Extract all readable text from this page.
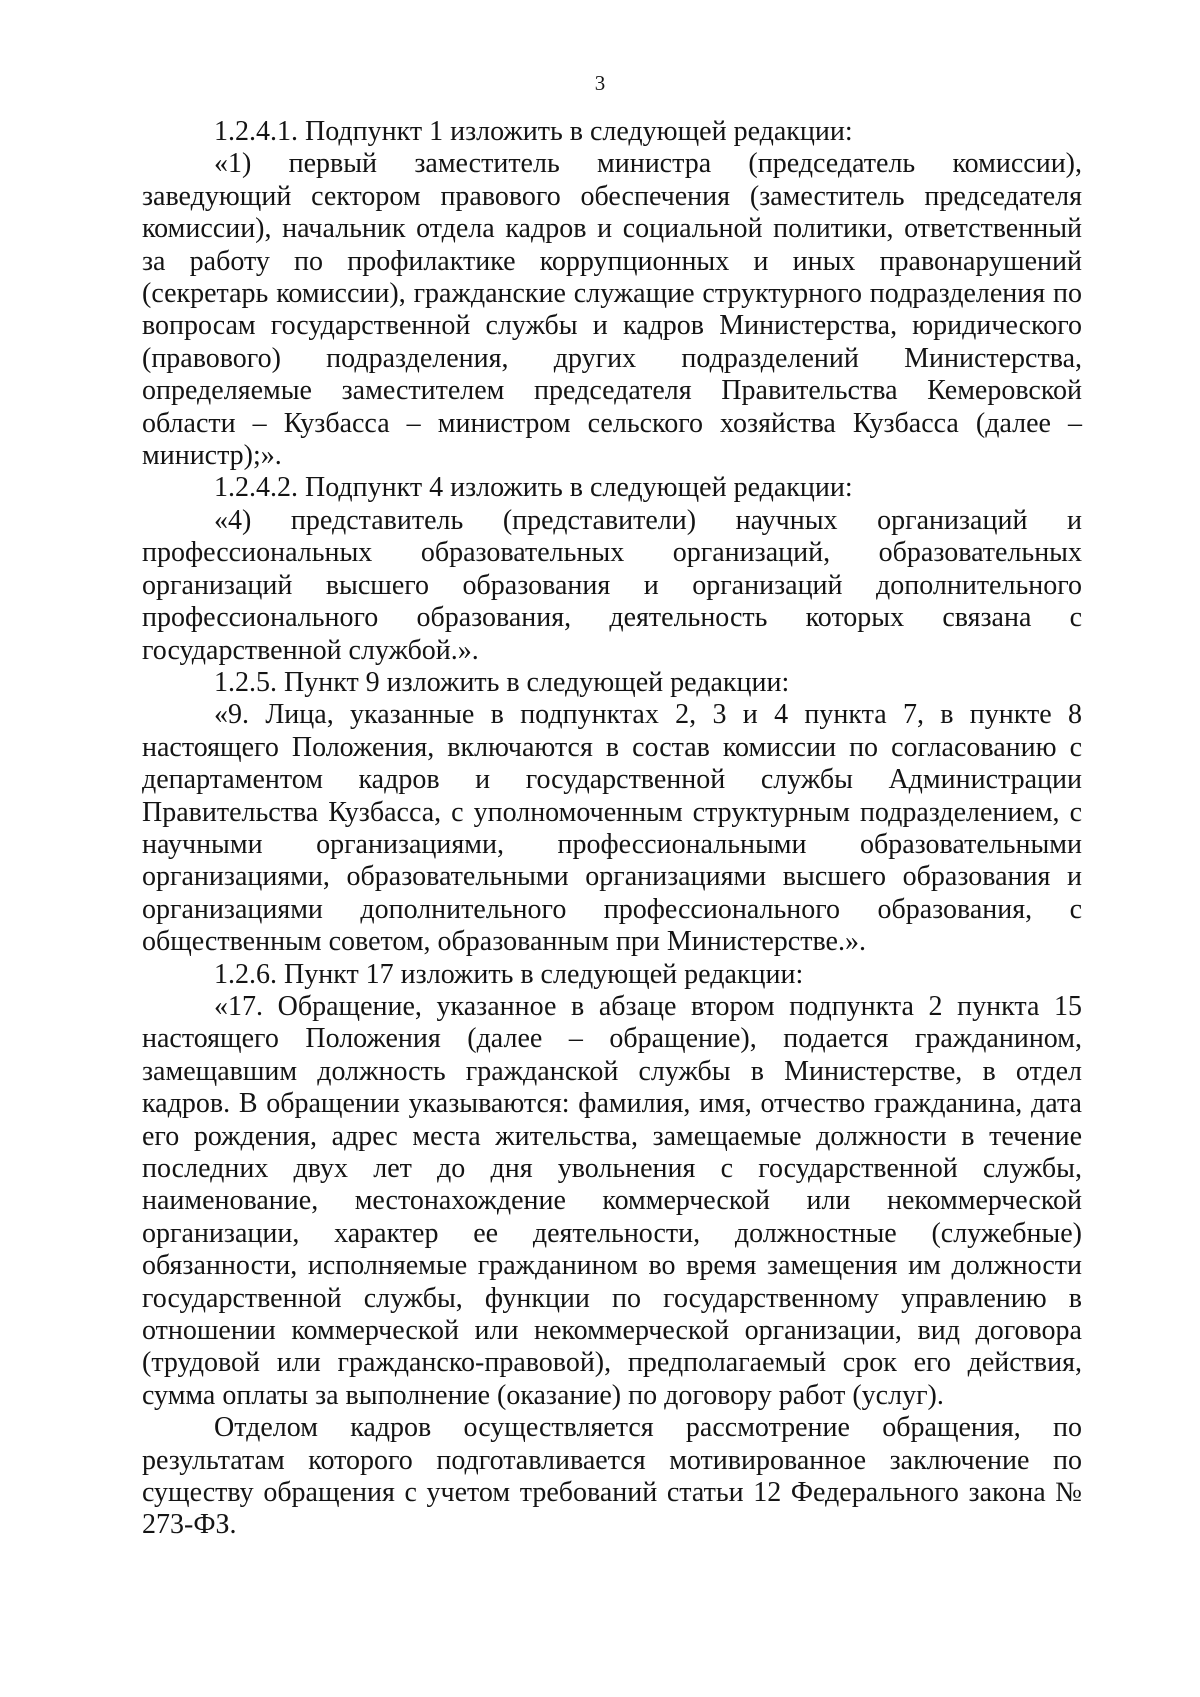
3

1.2.4.1. Подпункт 1 изложить в следующей редакции:

«1) первый заместитель министра (председатель комиссии), заведующий сектором правового обеспечения (заместитель председателя комиссии), начальник отдела кадров и социальной политики, ответственный за работу по профилактике коррупционных и иных правонарушений (секретарь комиссии), гражданские служащие структурного подразделения по вопросам государственной службы и кадров Министерства, юридического (правового) подразделения, других подразделений Министерства, определяемые заместителем председателя Правительства Кемеровской области – Кузбасса – министром сельского хозяйства Кузбасса (далее – министр);».

1.2.4.2. Подпункт 4 изложить в следующей редакции:

«4) представитель (представители) научных организаций и профессиональных образовательных организаций, образовательных организаций высшего образования и организаций дополнительного профессионального образования, деятельность которых связана с государственной службой.».

1.2.5. Пункт 9 изложить в следующей редакции:

«9. Лица, указанные в подпунктах 2, 3 и 4 пункта 7, в пункте 8 настоящего Положения, включаются в состав комиссии по согласованию с департаментом кадров и государственной службы Администрации Правительства Кузбасса, с уполномоченным структурным подразделением, с научными организациями, профессиональными образовательными организациями, образовательными организациями высшего образования и организациями дополнительного профессионального образования, с общественным советом, образованным при Министерстве.».

1.2.6. Пункт 17 изложить в следующей редакции:

«17. Обращение, указанное в абзаце втором подпункта 2 пункта 15 настоящего Положения (далее – обращение), подается гражданином, замещавшим должность гражданской службы в Министерстве, в отдел кадров. В обращении указываются: фамилия, имя, отчество гражданина, дата его рождения, адрес места жительства, замещаемые должности в течение последних двух лет до дня увольнения с государственной службы, наименование, местонахождение коммерческой или некоммерческой организации, характер ее деятельности, должностные (служебные) обязанности, исполняемые гражданином во время замещения им должности государственной службы, функции по государственному управлению в отношении коммерческой или некоммерческой организации, вид договора (трудовой или гражданско-правовой), предполагаемый срок его действия, сумма оплаты за выполнение (оказание) по договору работ (услуг).

Отделом кадров осуществляется рассмотрение обращения, по результатам которого подготавливается мотивированное заключение по существу обращения с учетом требований статьи 12 Федерального закона № 273-ФЗ.
